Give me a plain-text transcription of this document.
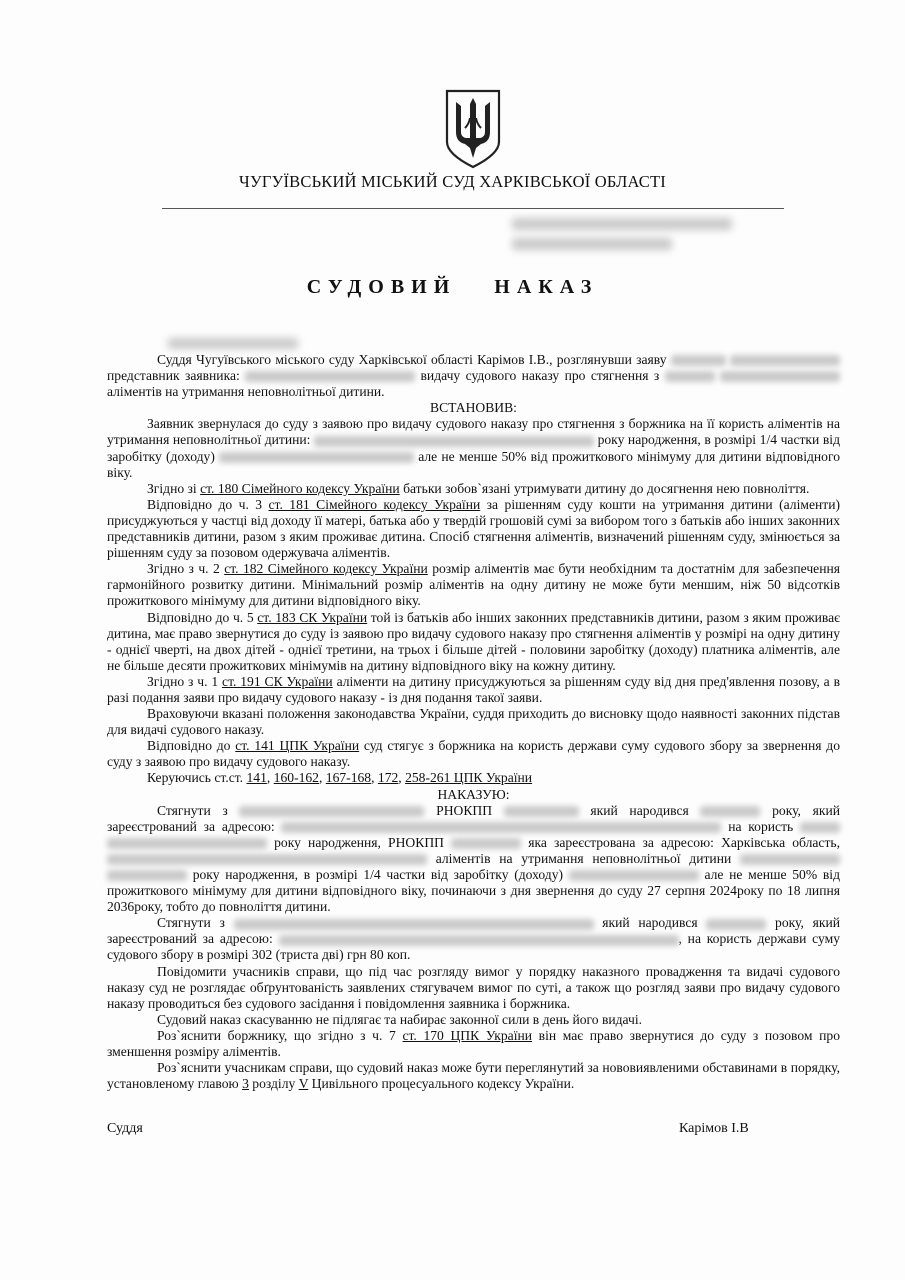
ЧУГУЇВСЬКИЙ МІСЬКИЙ СУД ХАРКІВСЬКОЇ ОБЛАСТІ
СУДОВИЙ НАКАЗ

Суддя Чугуївського міського суду Харківської області Карімов І.В., розглянувши заяву   представник заявника:	видачу судового наказу про стягнення з   аліментів на утримання неповнолітньої дитини.

ВСТАНОВИВ:

Заявник звернулася до суду з заявою про видачу судового наказу про стягнення з боржника на її користь аліментів на утримання неповнолітньої дитини:	року народження, в розмірі 1/4 частки від заробітку (доходу)	але не менше 50% від прожиткового мінімуму для дитини відповідного віку.

Згідно зі ст. 180 Сімейного кодексу України батьки зобов`язані утримувати дитину до досягнення нею повноліття.

Відповідно до ч. 3 ст. 181 Сімейного кодексу України за рішенням суду кошти на утримання дитини (аліменти) присуджуються у частці від доходу її матері, батька або у твердій грошовій сумі за вибором того з батьків або інших законних представників дитини, разом з яким проживає дитина. Спосіб стягнення аліментів, визначений рішенням суду, змінюється за рішенням суду за позовом одержувача аліментів.

Згідно з ч. 2 ст. 182 Сімейного кодексу України розмір аліментів має бути необхідним та достатнім для забезпечення гармонійного розвитку дитини. Мінімальний розмір аліментів на одну дитину не може бути меншим, ніж 50 відсотків прожиткового мінімуму для дитини відповідного віку.

Відповідно до ч. 5 ст. 183 СК України той із батьків або інших законних представників дитини, разом з яким проживає дитина, має право звернутися до суду із заявою про видачу судового наказу про стягнення аліментів у розмірі на одну дитину - однієї чверті, на двох дітей - однієї третини, на трьох і більше дітей - половини заробітку (доходу) платника аліментів, але не більше десяти прожиткових мінімумів на дитину відповідного віку на кожну дитину.

Згідно з ч. 1 ст. 191 СК України аліменти на дитину присуджуються за рішенням суду від дня пред'явлення позову, а в разі подання заяви про видачу судового наказу - із дня подання такої заяви.

Враховуючи вказані положення законодавства України, суддя приходить до висновку щодо наявності законних підстав для видачі судового наказу.

Відповідно до ст. 141 ЦПК України суд стягує з боржника на користь держави суму судового збору за звернення до суду з заявою про видачу судового наказу.

Керуючись ст.ст. 141, 160-162, 167-168, 172, 258-261 ЦПК України

НАКАЗУЮ:

Стягнути з	РНОКПП	який народився	року, який зареєстрований за адресою:	на користь   року народження, РНОКПП	яка зареєстрована за адресою: Харківська область,  аліментів на утримання неповнолітньої дитини   року народження, в розмірі 1/4 частки від заробітку (доходу)	але не менше 50% від прожиткового мінімуму для дитини відповідного віку, починаючи з дня звернення до суду 27 серпня 2024року по 18 липня 2036року, тобто до повноліття дитини.

Стягнути з	який народився	року, який зареєстрований за адресою:	, на користь держави суму судового збору в розмірі 302 (триста дві) грн 80 коп.

Повідомити учасників справи, що під час розгляду вимог у порядку наказного провадження та видачі судового наказу суд не розглядає обґрунтованість заявлених стягувачем вимог по суті, а також що розгляд заяви про видачу судового наказу проводиться без судового засідання і повідомлення заявника і боржника.

Судовий наказ скасуванню не підлягає та набирає законної сили в день його видачі.

Роз`яснити боржнику, що згідно з ч. 7 ст. 170 ЦПК України він має право звернутися до суду з позовом про зменшення розміру аліментів.

Роз`яснити учасникам справи, що судовий наказ може бути переглянутий за нововиявленими обставинами в порядку, установленому главою 3 розділу V Цивільного процесуального кодексу України.

Суддя	Карімов І.В
